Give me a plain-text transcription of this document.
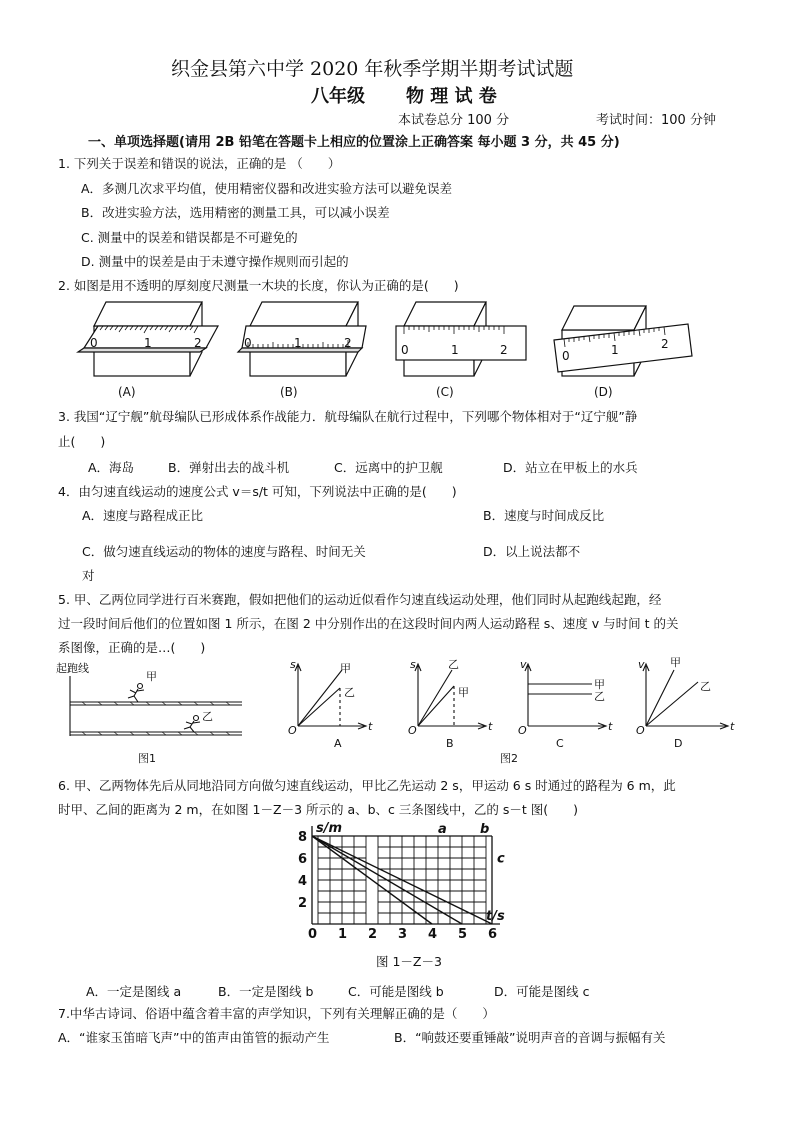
织金县第六中学 2020 年秋季学期半期考试试题
八年级 物 理 试 卷
本试卷总分 100 分	考试时间：100 分钟
一、单项选择题(请用 2B 铅笔在答题卡上相应的位置涂上正确答案 每小题 3 分，共 45 分)
1. 下列关于误差和错误的说法，正确的是 （　　）
A．多测几次求平均值，使用精密仪器和改进实验方法可以避免误差
B．改进实验方法，选用精密的测量工具，可以减小误差
C. 测量中的误差和错误都是不可避免的
D. 测量中的误差是由于未遵守操作规则而引起的
2. 如图是用不透明的厚刻度尺测量一木块的长度，你认为正确的是(　　)
0	1	2	0	1	2	0	1	2	0	1	2
(A)	(B)	(C)	(D)
3. 我国“辽宁舰”航母编队已形成体系作战能力．航母编队在航行过程中，下列哪个物体相对于“辽宁舰”静
止(　　)
A．海岛	B．弹射出去的战斗机	C．远离中的护卫舰	D．站立在甲板上的水兵
4．由匀速直线运动的速度公式 v＝s/t 可知，下列说法中正确的是(　　)
A．速度与路程成正比	B．速度与时间成反比
C．做匀速直线运动的物体的速度与路程、时间无关	D．以上说法都不
对
5. 甲、乙两位同学进行百米赛跑，假如把他们的运动近似看作匀速直线运动处理，他们同时从起跑线起跑，经
过一段时间后他们的位置如图 1 所示，在图 2 中分别作出的在这段时间内两人运动路程 s、速度 v 与时间 t 的关
系图像，正确的是…(　　)
起跑线
甲
乙
图1
s	甲
乙
O	t
A
s	乙
甲
O	t
B
v
甲
乙
O	t
C
图2
v 甲
乙
O	t
D
6. 甲、乙两物体先后从同地沿同方向做匀速直线运动，甲比乙先运动 2 s，甲运动 6 s 时通过的路程为 6 m，此
时甲、乙间的距离为 2 m，在如图 1－Z－3 所示的 a、b、c 三条图线中，乙的 s－t 图(　　)
s/m
t/s
0 1 2 3 4 5 6
2
4
6
8
a	b
c
图 1－Z－3
A．一定是图线 a	B．一定是图线 b	C．可能是图线 b	D．可能是图线 c
7.中华古诗词、俗语中蕴含着丰富的声学知识，下列有关理解正确的是（　　）
A．“谁家玉笛暗飞声”中的笛声由笛管的振动产生	B．“响鼓还要重锤敲”说明声音的音调与振幅有关
